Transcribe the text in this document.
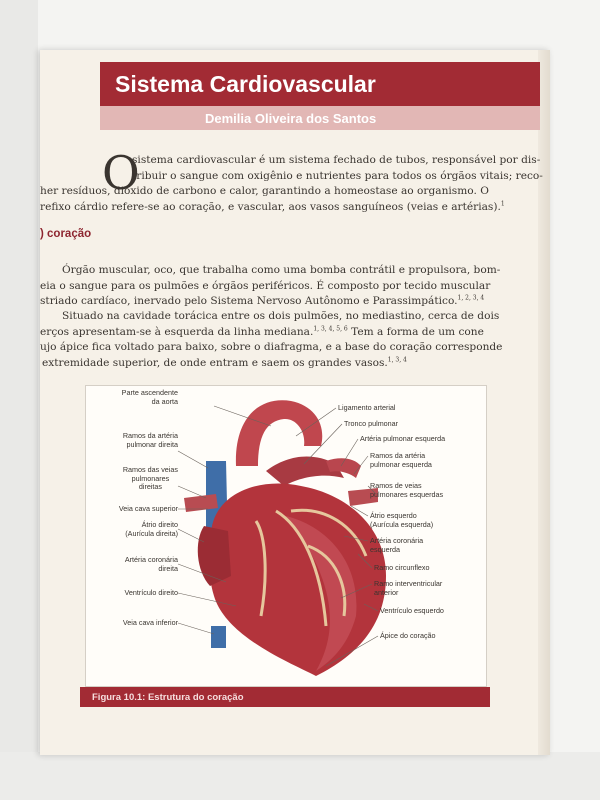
Sistema Cardiovascular
Demilia Oliveira dos Santos
O

sistema cardiovascular é um sistema fechado de tubos, responsável por dis-

tribuir o sangue com oxigênio e nutrientes para todos os órgãos vitais; reco-

her resíduos, dióxido de carbono e calor, garantindo a homeostase ao organismo. O

refixo cárdio refere-se ao coração, e vascular, aos vasos sanguíneos (veias e artérias).$^1$

) coração

Órgão muscular, oco, que trabalha como uma bomba contrátil e propulsora, bom-

eia o sangue para os pulmões e órgãos periféricos. É composto por tecido muscular

striado cardíaco, inervado pelo Sistema Nervoso Autônomo e Parassimpático.$^{1, 2, 3, 4}$

Situado na cavidade torácica entre os dois pulmões, no mediastino, cerca de dois

erços apresentam-se à esquerda da linha mediana.$^{1, 3, 4, 5, 6}$ Tem a forma de um cone

ujo ápice fica voltado para baixo, sobre o diafragma, e a base do coração corresponde

extremidade superior, de onde entram e saem os grandes vasos.$^{1, 3, 4}$

Parte ascendente
da aorta
Ramos da artéria
pulmonar direita
Ramos das veias
pulmonares
direitas
Veia cava superior
Átrio direito
(Aurícula direita)
Artéria coronária
direita
Ventrículo direito
Veia cava inferior
Ligamento arterial
Tronco pulmonar
Artéria pulmonar esquerda
Ramos da artéria
pulmonar esquerda
Ramos de veias
pulmonares esquerdas
Átrio esquerdo
(Aurícula esquerda)
Artéria coronária
esquerda
Ramo circunflexo
Ramo interventricular
anterior
Ventrículo esquerdo
Ápice do coração
Figura 10.1: Estrutura do coração
